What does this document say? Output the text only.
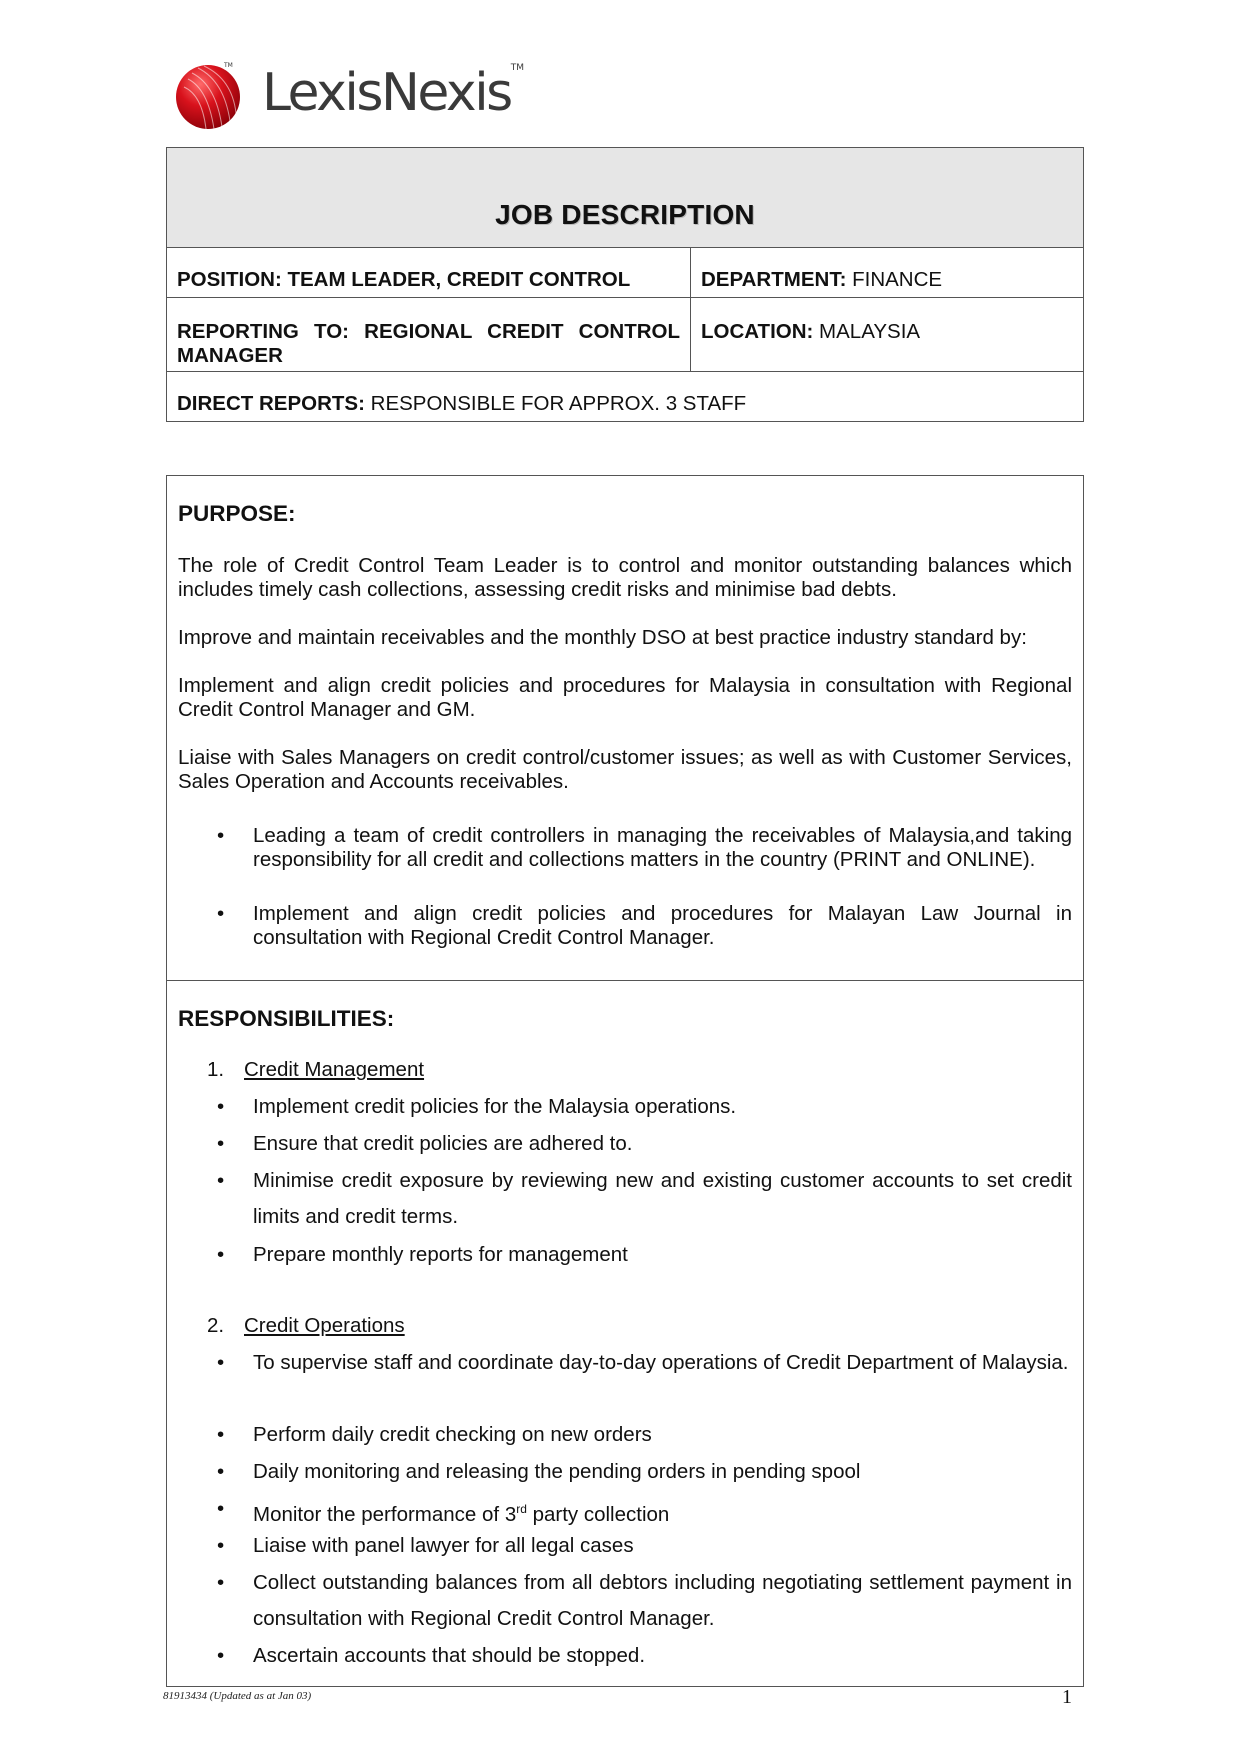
TM LexisNexis™
JOB DESCRIPTION
POSITION: TEAM LEADER, CREDIT CONTROL	DEPARTMENT: FINANCE
REPORTING TO: REGIONAL CREDIT CONTROL MANAGER
LOCATION: MALAYSIA
DIRECT REPORTS: RESPONSIBLE FOR APPROX. 3 STAFF
PURPOSE:

The role of Credit Control Team Leader is to control and monitor outstanding balances which includes timely cash collections, assessing credit risks and minimise bad debts.

Improve and maintain receivables and the monthly DSO at best practice industry standard by:

Implement and align credit policies and procedures for Malaysia in consultation with Regional Credit Control Manager and GM.

Liaise with Sales Managers on credit control/customer issues; as well as with Customer Services, Sales Operation and Accounts receivables.

• Leading a team of credit controllers in managing the receivables of Malaysia,and taking responsibility for all credit and collections matters in the country (PRINT and ONLINE).
• Implement and align credit policies and procedures for Malayan Law Journal in consultation with Regional Credit Control Manager.
RESPONSIBILITIES:
1. Credit Management
• Implement credit policies for the Malaysia operations.
• Ensure that credit policies are adhered to.
• Minimise credit exposure by reviewing new and existing customer accounts to set credit limits and credit terms.
• Prepare monthly reports for management
2. Credit Operations
• To supervise staff and coordinate day-to-day operations of Credit Department of Malaysia.
• Perform daily credit checking on new orders
• Daily monitoring and releasing the pending orders in pending spool
• Monitor the performance of 3rd party collection
• Liaise with panel lawyer for all legal cases
• Collect outstanding balances from all debtors including negotiating settlement payment in consultation with Regional Credit Control Manager.
• Ascertain accounts that should be stopped.
81913434 (Updated as at Jan 03)	1
